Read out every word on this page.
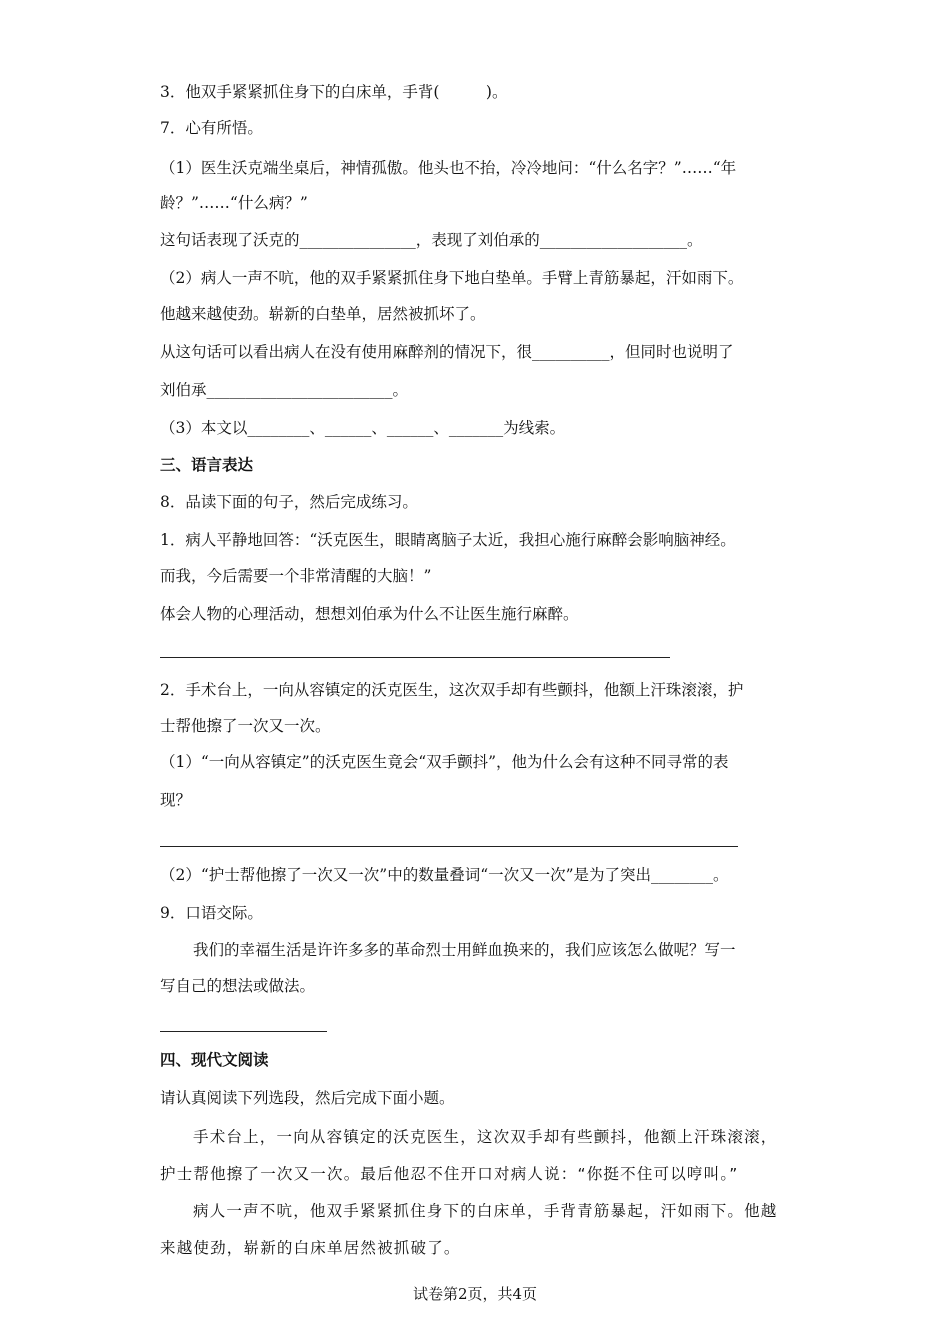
3．他双手紧紧抓住身下的白床单，手背(　　　)。
7．心有所悟。
（1）医生沃克端坐桌后，神情孤傲。他头也不抬，冷冷地问：“什么名字？”……“年
龄？”……“什么病？”
这句话表现了沃克的_______________，表现了刘伯承的___________________。
（2）病人一声不吭，他的双手紧紧抓住身下地白垫单。手臂上青筋暴起，汗如雨下。
他越来越使劲。崭新的白垫单，居然被抓坏了。
从这句话可以看出病人在没有使用麻醉剂的情况下，很__________，但同时也说明了
刘伯承________________________。
（3）本文以________、______、______、_______为线索。
三、语言表达
8．品读下面的句子，然后完成练习。
1．病人平静地回答：“沃克医生，眼睛离脑子太近，我担心施行麻醉会影响脑神经。
而我，今后需要一个非常清醒的大脑！”
体会人物的心理活动，想想刘伯承为什么不让医生施行麻醉。
2．手术台上，一向从容镇定的沃克医生，这次双手却有些颤抖，他额上汗珠滚滚，护
士帮他擦了一次又一次。
（1）“一向从容镇定”的沃克医生竟会“双手颤抖”，他为什么会有这种不同寻常的表
现？
（2）“护士帮他擦了一次又一次”中的数量叠词“一次又一次”是为了突出________。
9．口语交际。
我们的幸福生活是许许多多的革命烈士用鲜血换来的，我们应该怎么做呢？写一
写自己的想法或做法。
四、现代文阅读
请认真阅读下列选段，然后完成下面小题。
手术台上，一向从容镇定的沃克医生，这次双手却有些颤抖，他额上汗珠滚滚，
护士帮他擦了一次又一次。最后他忍不住开口对病人说：“你挺不住可以哼叫。”
病人一声不吭，他双手紧紧抓住身下的白床单，手背青筋暴起，汗如雨下。他越
来越使劲，崭新的白床单居然被抓破了。
试卷第2页，共4页
